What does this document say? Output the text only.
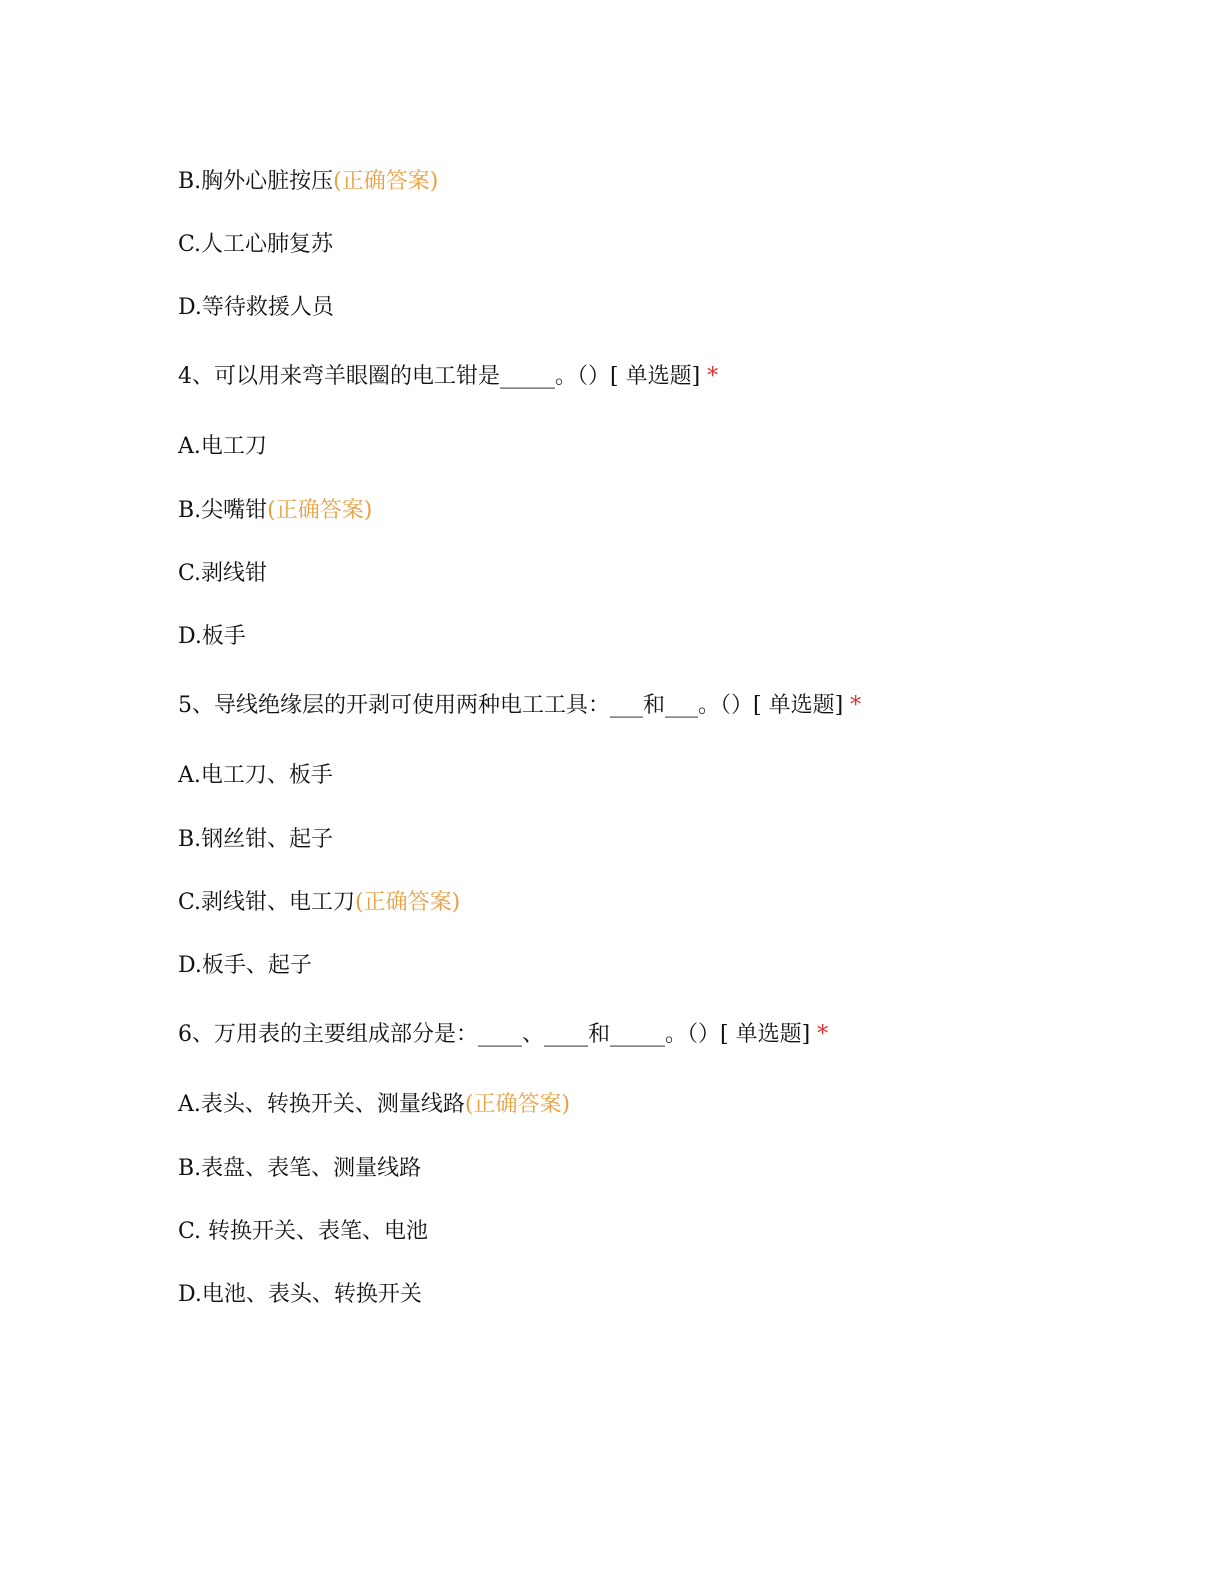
B.胸外心脏按压(正确答案)
C.人工心肺复苏
D.等待救援人员
4、可以用来弯羊眼圈的电工钳是_____。（）[ 单选题] *
A.电工刀
B.尖嘴钳(正确答案)
C.剥线钳
D.板手
5、导线绝缘层的开剥可使用两种电工工具：___和___。（）[ 单选题] *
A.电工刀、板手
B.钢丝钳、起子
C.剥线钳、电工刀(正确答案)
D.板手、起子
6、万用表的主要组成部分是：____、____和_____。（）[ 单选题] *
A.表头、转换开关、测量线路(正确答案)
B.表盘、表笔、测量线路
C. 转换开关、表笔、电池
D.电池、表头、转换开关
